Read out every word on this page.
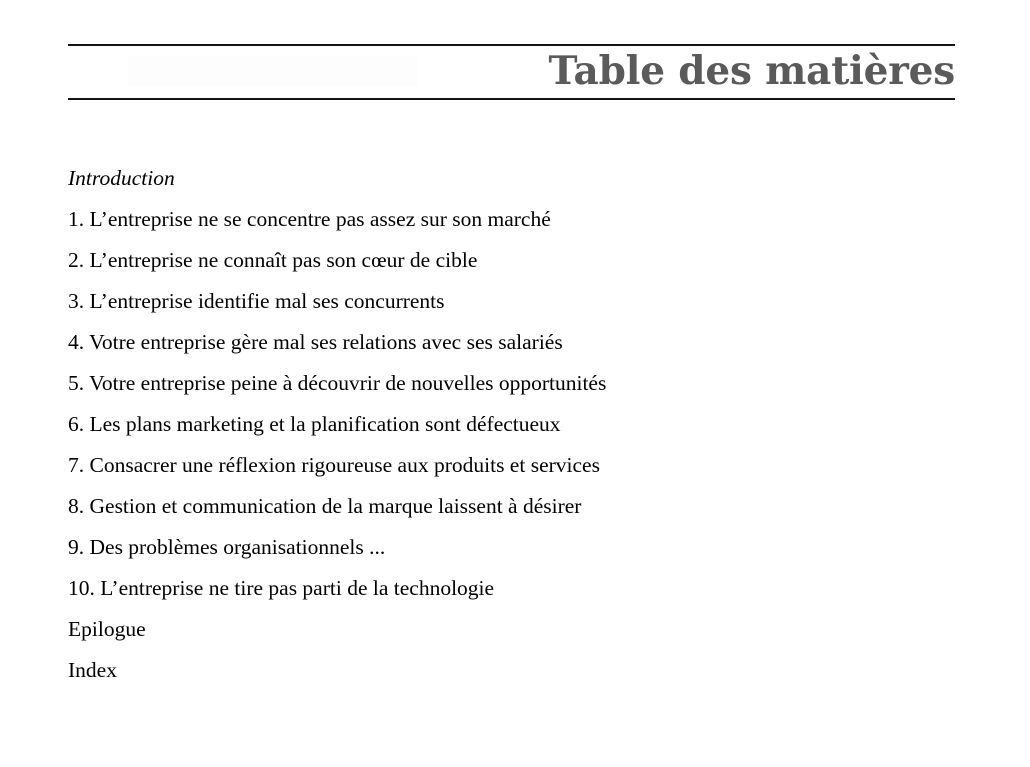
Table des matières
Introduction
1. L’entreprise ne se concentre pas assez sur son marché
2. L’entreprise ne connaît pas son cœur de cible
3. L’entreprise identifie mal ses concurrents
4. Votre entreprise gère mal ses relations avec ses salariés
5. Votre entreprise peine à découvrir de nouvelles opportunités
6. Les plans marketing et la planification sont défectueux
7. Consacrer une réflexion rigoureuse aux produits et services
8. Gestion et communication de la marque laissent à désirer
9. Des problèmes organisationnels ...
10. L’entreprise ne tire pas parti de la technologie
Epilogue
Index
